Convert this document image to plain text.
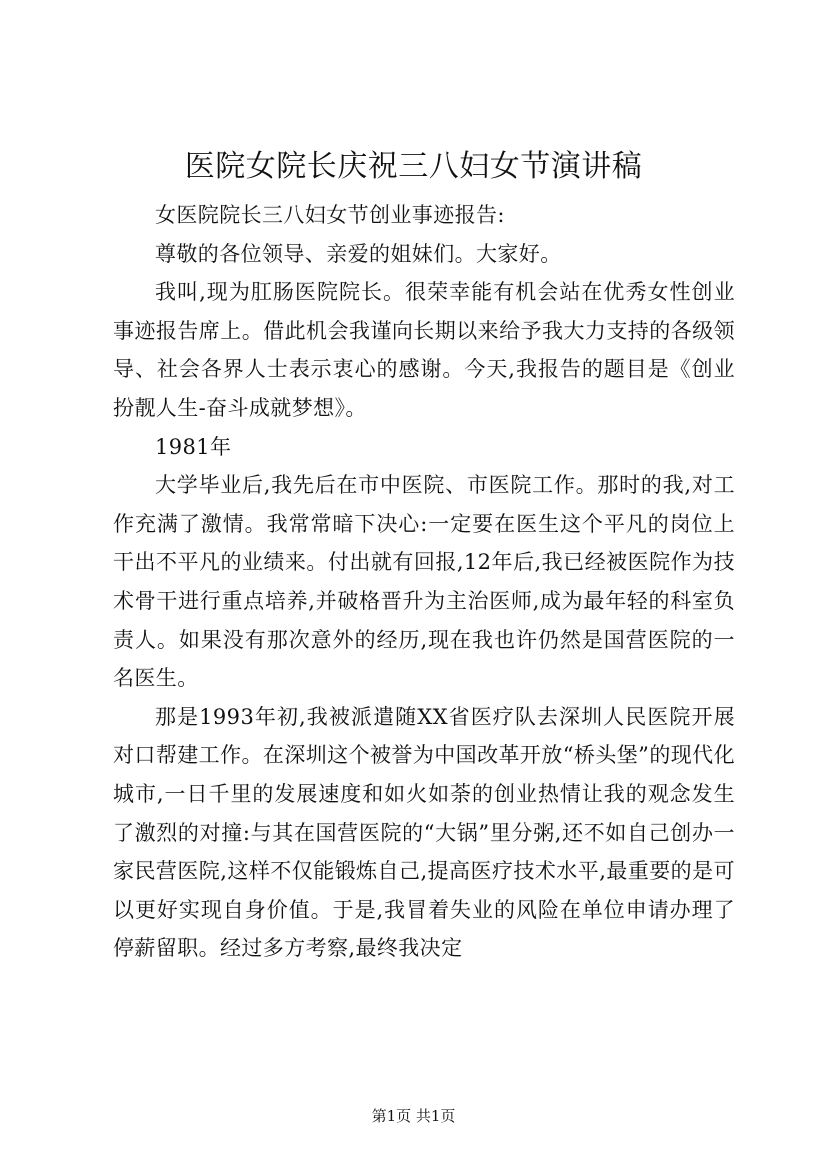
医院女院长庆祝三八妇女节演讲稿

女医院院长三八妇女节创业事迹报告:

尊敬的各位领导、亲爱的姐妹们。大家好。

我叫,现为肛肠医院院长。很荣幸能有机会站在优秀女性创业事迹报告席上。借此机会我谨向长期以来给予我大力支持的各级领导、社会各界人士表示衷心的感谢。今天,我报告的题目是《创业扮靓人生-奋斗成就梦想》。

1981年

大学毕业后,我先后在市中医院、市医院工作。那时的我,对工作充满了激情。我常常暗下决心:一定要在医生这个平凡的岗位上干出不平凡的业绩来。付出就有回报,12年后,我已经被医院作为技术骨干进行重点培养,并破格晋升为主治医师,成为最年轻的科室负责人。如果没有那次意外的经历,现在我也许仍然是国营医院的一名医生。

那是1993年初,我被派遣随XX省医疗队去深圳人民医院开展对口帮建工作。在深圳这个被誉为中国改革开放“桥头堡”的现代化城市,一日千里的发展速度和如火如荼的创业热情让我的观念发生了激烈的对撞:与其在国营医院的“大锅”里分粥,还不如自己创办一家民营医院,这样不仅能锻炼自己,提高医疗技术水平,最重要的是可以更好实现自身价值。于是,我冒着失业的风险在单位申请办理了停薪留职。经过多方考察,最终我决定

第1页 共1页
